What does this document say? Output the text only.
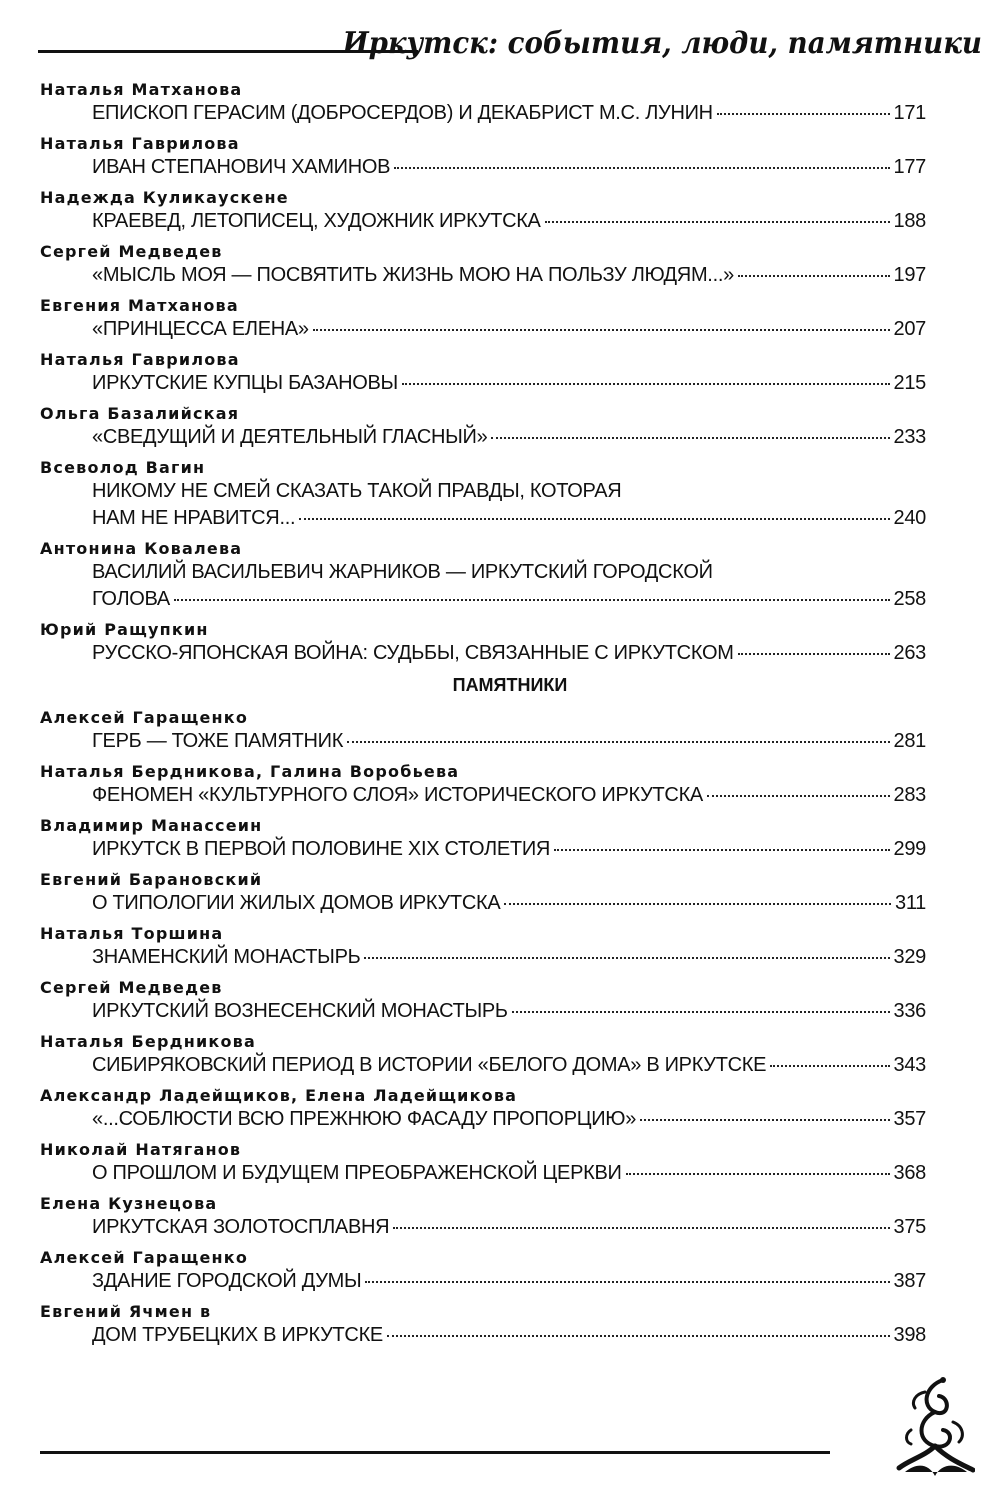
Иркутск: события, люди, памятники
Наталья Матханова
ЕПИСКОП ГЕРАСИМ (ДОБРОСЕРДОВ) И ДЕКАБРИСТ М.С. ЛУНИН	171
Наталья Гаврилова
ИВАН СТЕПАНОВИЧ ХАМИНОВ	177
Надежда Куликаускене
КРАЕВЕД, ЛЕТОПИСЕЦ, ХУДОЖНИК ИРКУТСКА	188
Сергей Медведев
«МЫСЛЬ МОЯ — ПОСВЯТИТЬ ЖИЗНЬ МОЮ НА ПОЛЬЗУ ЛЮДЯМ...»	197
Евгения Матханова
«ПРИНЦЕССА ЕЛЕНА»	207
Наталья Гаврилова
ИРКУТСКИЕ КУПЦЫ БАЗАНОВЫ	215
Ольга Базалийская
«СВЕДУЩИЙ И ДЕЯТЕЛЬНЫЙ ГЛАСНЫЙ»	233
Всеволод Вагин
НИКОМУ НЕ СМЕЙ СКАЗАТЬ ТАКОЙ ПРАВДЫ, КОТОРАЯ
НАМ НЕ НРАВИТСЯ...	240
Антонина Ковалева
ВАСИЛИЙ ВАСИЛЬЕВИЧ ЖАРНИКОВ — ИРКУТСКИЙ ГОРОДСКОЙ
ГОЛОВА	258
Юрий Ращупкин
РУССКО-ЯПОНСКАЯ ВОЙНА: СУДЬБЫ, СВЯЗАННЫЕ С ИРКУТСКОМ	263
ПАМЯТНИКИ
Алексей Гаращенко
ГЕРБ — ТОЖЕ ПАМЯТНИК	281
Наталья Бердникова, Галина Воробьева
ФЕНОМЕН «КУЛЬТУРНОГО СЛОЯ» ИСТОРИЧЕСКОГО ИРКУТСКА	283
Владимир Манассеин
ИРКУТСК В ПЕРВОЙ ПОЛОВИНЕ XIX СТОЛЕТИЯ	299
Евгений Барановский
О ТИПОЛОГИИ ЖИЛЫХ ДОМОВ ИРКУТСКА	311
Наталья Торшина
ЗНАМЕНСКИЙ МОНАСТЫРЬ	329
Сергей Медведев
ИРКУТСКИЙ ВОЗНЕСЕНСКИЙ МОНАСТЫРЬ	336
Наталья Бердникова
СИБИРЯКОВСКИЙ ПЕРИОД В ИСТОРИИ «БЕЛОГО ДОМА» В ИРКУТСКЕ	343
Александр Ладейщиков, Елена Ладейщикова
«...СОБЛЮСТИ ВСЮ ПРЕЖНЮЮ ФАСАДУ ПРОПОРЦИЮ»	357
Николай Натяганов
О ПРОШЛОМ И БУДУЩЕМ ПРЕОБРАЖЕНСКОЙ ЦЕРКВИ	368
Елена Кузнецова
ИРКУТСКАЯ ЗОЛОТОСПЛАВНЯ	375
Алексей Гаращенко
ЗДАНИЕ ГОРОДСКОЙ ДУМЫ	387
Евгений Ячмен в
ДОМ ТРУБЕЦКИХ В ИРКУТСКЕ	398
